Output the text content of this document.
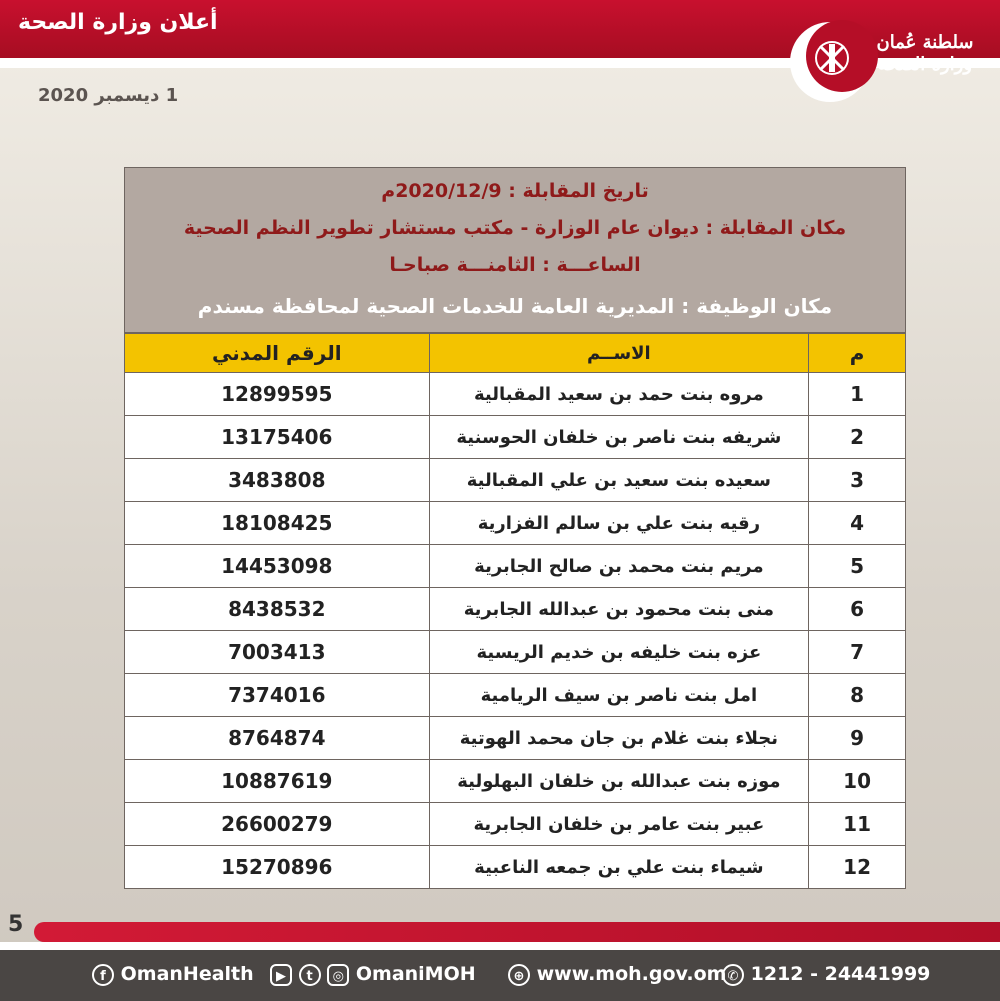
أعلان وزارة الصحة
1 ديسمبر 2020
سلطنة عُمان
وزارة الصحة
تاريخ المقابلة : 2020/12/9م
مكان المقابلة : ديوان عام الوزارة - مكتب مستشار تطوير النظم الصحية
الساعـــة : الثامنـــة صباحـا
مكان الوظيفة : المديرية العامة للخدمات الصحية لمحافظة مسندم
م	الاســم	الرقم المدني
1	مروه بنت حمد بن سعيد المقبالية	12899595
2	شريفه بنت ناصر بن خلفان الحوسنية	13175406
3	سعيده بنت سعيد بن علي المقبالية	3483808
4	رقيه بنت علي بن سالم الفزارية	18108425
5	مريم بنت محمد بن صالح الجابرية	14453098
6	منى بنت محمود بن عبدالله الجابرية	8438532
7	عزه بنت خليفه بن خديم الريسية	7003413
8	امل بنت ناصر بن سيف الريامية	7374016
9	نجلاء بنت غلام بن جان محمد الهوتية	8764874
10	موزه بنت عبدالله بن خلفان البهلولية	10887619
11	عبير بنت عامر بن خلفان الجابرية	26600279
12	شيماء بنت علي بن جمعه الناعبية	15270896
5
f OmanHealth	▶ t ◎ OmaniMOH	⊕ www.moh.gov.om ✆ 1212 - 24441999
